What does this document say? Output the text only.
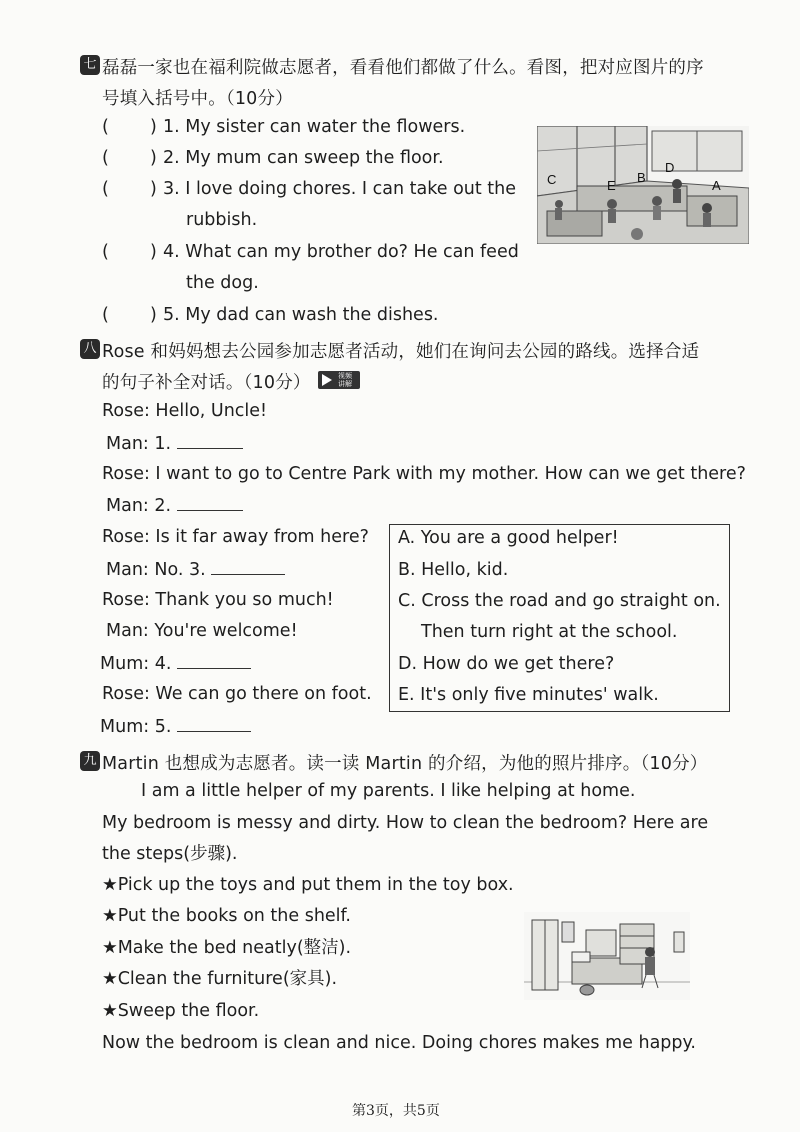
七 磊磊一家也在福利院做志愿者，看看他们都做了什么。看图，把对应图片的序
号填入括号中。（10分）
( ) 1. My sister can water the flowers.
( ) 2. My mum can sweep the floor.
( ) 3. I love doing chores. I can take out the
rubbish.
( ) 4. What can my brother do? He can feed
the dog.
( ) 5. My dad can wash the dishes.
C	E
B
D
A
八 Rose 和妈妈想去公园参加志愿者活动，她们在询问去公园的路线。选择合适
的句子补全对话。（10分）	视频讲解
Rose: Hello, Uncle!
Man: 1.
Rose: I want to go to Centre Park with my mother. How can we get there?
Man: 2.
Rose: Is it far away from here?
Man: No. 3.
Rose: Thank you so much!
Man: You're welcome!
Mum: 4.
Rose: We can go there on foot.
Mum: 5.
A. You are a good helper!
B. Hello, kid.
C. Cross the road and go straight on.
Then turn right at the school.
D. How do we get there?
E. It's only five minutes' walk.
九 Martin 也想成为志愿者。读一读 Martin 的介绍，为他的照片排序。（10分）
I am a little helper of my parents. I like helping at home.
My bedroom is messy and dirty. How to clean the bedroom? Here are
the steps(步骤).
★Pick up the toys and put them in the toy box.
★Put the books on the shelf.
★Make the bed neatly(整洁).
★Clean the furniture(家具).
★Sweep the floor.
Now the bedroom is clean and nice. Doing chores makes me happy.
第3页，共5页
